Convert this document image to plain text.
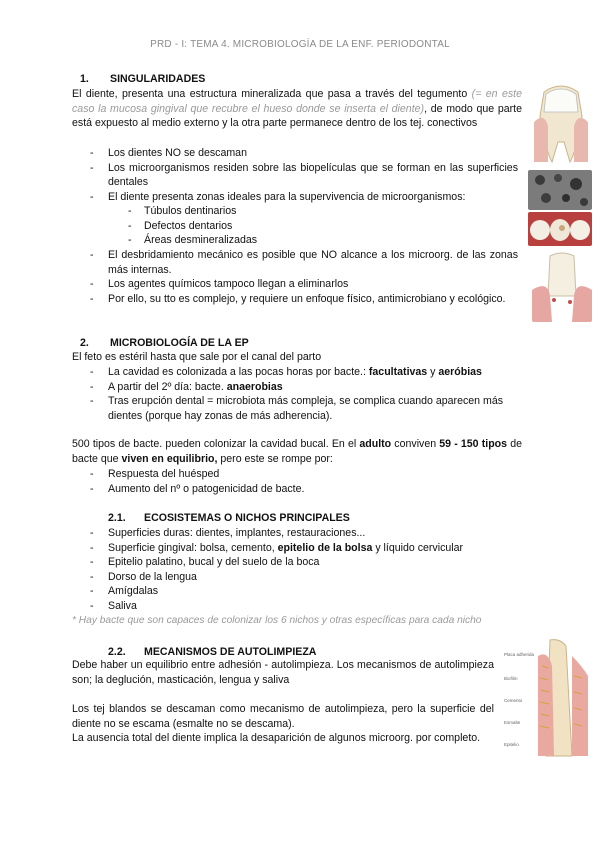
PRD - I: TEMA 4. MICROBIOLOGÍA DE LA ENF. PERIODONTAL
1. SINGULARIDADES

El diente, presenta una estructura mineralizada que pasa a través del tegumento (= en este caso la mucosa gingival que recubre el hueso donde se inserta el diente), de modo que parte está expuesto al medio externo y la otra parte permanece dentro de los tej. conectivos

- Los dientes NO se descaman
- Los microorganismos residen sobre las biopelículas que se forman en las superficies dentales
- El diente presenta zonas ideales para la supervivencia de microorganismos:
- Túbulos dentinarios
- Defectos dentarios
- Áreas desmineralizadas
- El desbridamiento mecánico es posible que NO alcance a los microorg. de las zonas más internas.
- Los agentes químicos tampoco llegan a eliminarlos
- Por ello, su tto es complejo, y requiere un enfoque físico, antimicrobiano y ecológico.
2. MICROBIOLOGÍA DE LA EP

El feto es estéril hasta que sale por el canal del parto

- La cavidad es colonizada a las pocas horas por bacte.: facultativas y aeróbias
- A partir del 2º día: bacte. anaerobias
- Tras erupción dental = microbiota más compleja, se complica cuando aparecen más dientes (porque hay zonas de más adherencia).

500 tipos de bacte. pueden colonizar la cavidad bucal. En el adulto conviven 59 - 150 tipos de bacte que viven en equilibrio, pero este se rompe por:

- Respuesta del huésped
- Aumento del nº o patogenicidad de bacte.
2.1. ECOSISTEMAS O NICHOS PRINCIPALES
- Superficies duras: dientes, implantes, restauraciones...
- Superficie gingival: bolsa, cemento, epitelio de la bolsa y líquido cervicular
- Epitelio palatino, bucal y del suelo de la boca
- Dorso de la lengua
- Amígdalas
- Saliva
* Hay bacte que son capaces de colonizar los 6 nichos y otras específicas para cada nicho
2.2. MECANISMOS DE AUTOLIMPIEZA

Debe haber un equilibrio entre adhesión - autolimpieza. Los mecanismos de autolimpieza son; la deglución, masticación, lengua y saliva

Los tej blandos se descaman como mecanismo de autolimpieza, pero la superficie del diente no se escama (esmalte no se descama).

La ausencia total del diente implica la desaparición de algunos microorg. por completo.

Placa adherida
Biofilm
Cemento
Esmalte
Epitelio
